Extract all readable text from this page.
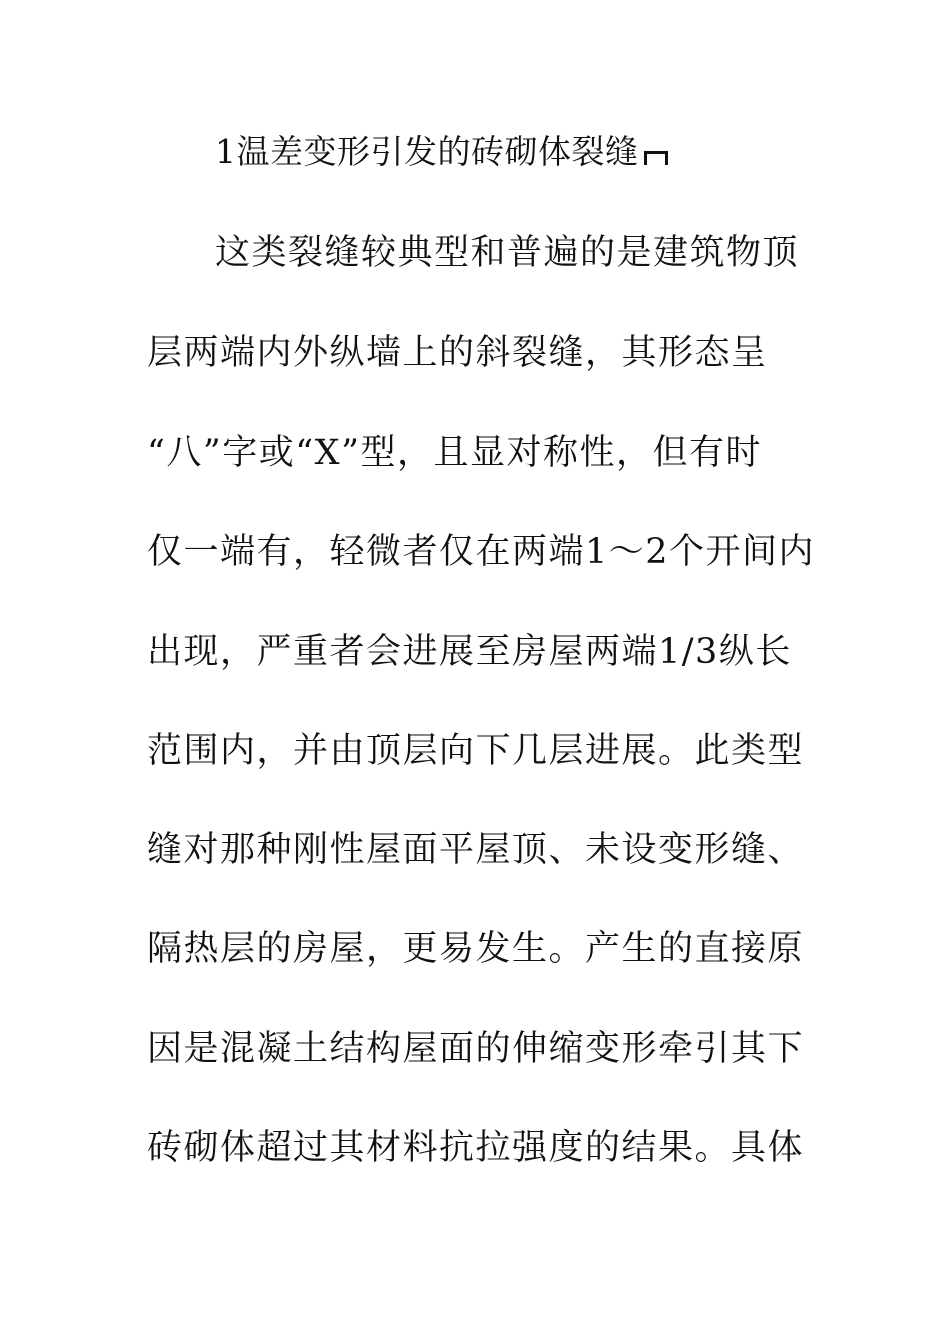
1温差变形引发的砖砌体裂缝
这类裂缝较典型和普遍的是建筑物顶
层两端内外纵墙上的斜裂缝，其形态呈
“八”字或“X”型，且显对称性，但有时
仅一端有，轻微者仅在两端1～2个开间内
出现，严重者会进展至房屋两端1/3纵长
范围内，并由顶层向下几层进展。此类型
缝对那种刚性屋面平屋顶、未设变形缝、
隔热层的房屋，更易发生。产生的直接原
因是混凝土结构屋面的伸缩变形牵引其下
砖砌体超过其材料抗拉强度的结果。具体
